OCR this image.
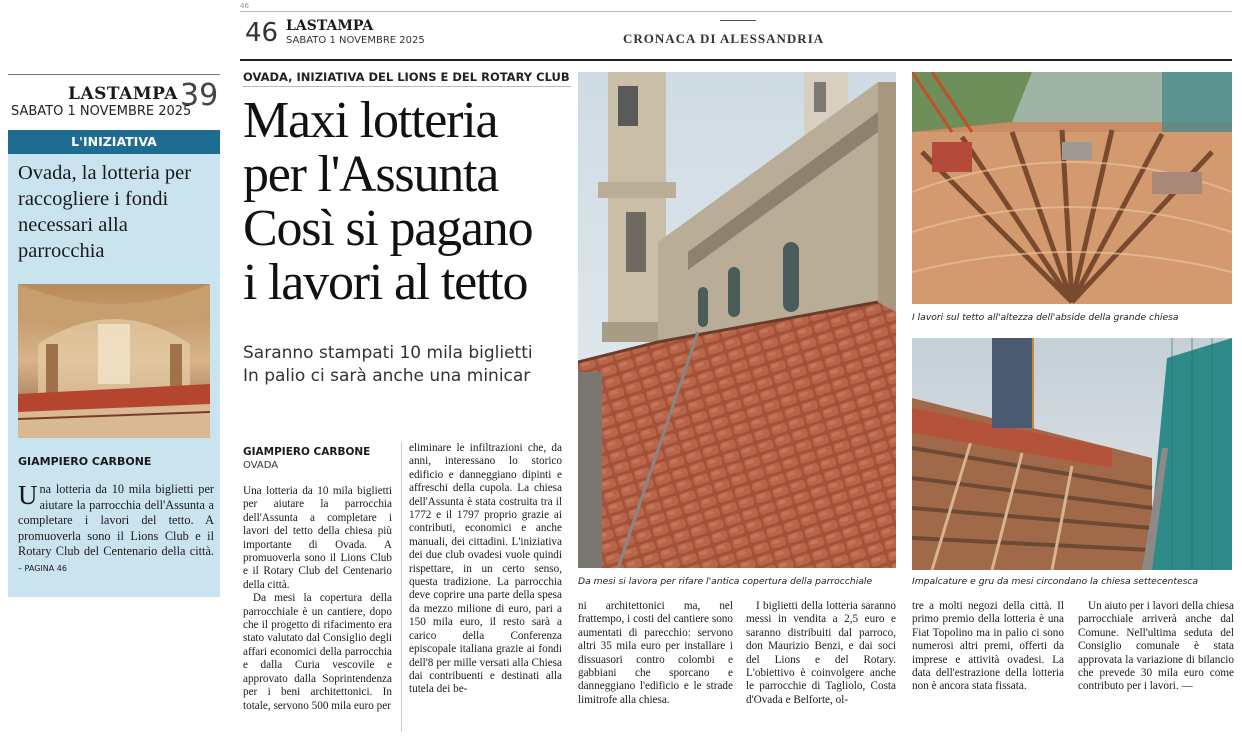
LASTAMPA 39
SABATO 1 NOVEMBRE 2025
L'INIZIATIVA
Ovada, la lotteria per raccogliere i fondi necessari alla parrocchia
GIAMPIERO CARBONE
Una lotteria da 10 mila biglietti per aiutare la parrocchia dell'Assunta a completare i lavori del tetto. A promuoverla sono il Lions Club e il Rotary Club del Centenario della città. – PAGINA 46
46
46 LASTAMPA
SABATO 1 NOVEMBRE 2025	CRONACA DI ALESSANDRIA
OVADA, INIZIATIVA DEL LIONS E DEL ROTARY CLUB
Maxi lotteria
per l'Assunta
Così si pagano
i lavori al tetto
Saranno stampati 10 mila biglietti
In palio ci sarà anche una minicar
GIAMPIERO CARBONE
OVADA

Una lotteria da 10 mila biglietti per aiutare la parrocchia dell'Assunta a completare i lavori del tetto della chiesa più importante di Ovada. A promuoverla sono il Lions Club e il Rotary Club del Centenario della città.

Da mesi la copertura della parrocchiale è un cantiere, dopo che il progetto di rifacimento era stato valutato dal Consiglio degli affari economici della parrocchia e dalla Curia vescovile e approvato dalla Soprintendenza per i beni architettonici. In totale, servono 500 mila euro per

eliminare le infiltrazioni che, da anni, interessano lo storico edificio e danneggiano dipinti e affreschi della cupola. La chiesa dell'Assunta è stata costruita tra il 1772 e il 1797 proprio grazie ai contributi, economici e anche manuali, dei cittadini. L'iniziativa dei due club ovadesi vuole quindi rispettare, in un certo senso, questa tradizione. La parrocchia deve coprire una parte della spesa da mezzo milione di euro, pari a 150 mila euro, il resto sarà a carico della Conferenza episcopale italiana grazie ai fondi dell'8 per mille versati alla Chiesa dai contribuenti e destinati alla tutela dei be-

Da mesi si lavora per rifare l'antica copertura della parrocchiale
I lavori sul tetto all'altezza dell'abside della grande chiesa
Impalcature e gru da mesi circondano la chiesa settecentesca

ni architettonici ma, nel frattempo, i costi del cantiere sono aumentati di parecchio: servono altri 35 mila euro per installare i dissuasori contro colombi e gabbiani che sporcano e danneggiano l'edificio e le strade limitrofe alla chiesa.

I biglietti della lotteria saranno messi in vendita a 2,5 euro e saranno distribuiti dal parroco, don Maurizio Benzi, e dai soci del Lions e del Rotary. L'obiettivo è coinvolgere anche le parrocchie di Tagliolo, Costa d'Ovada e Belforte, ol-

tre a molti negozi della città. Il primo premio della lotteria è una Fiat Topolino ma in palio ci sono numerosi altri premi, offerti da imprese e attività ovadesi. La data dell'estrazione della lotteria non è ancora stata fissata.

Un aiuto per i lavori della chiesa parrocchiale arriverà anche dal Comune. Nell'ultima seduta del Consiglio comunale è stata approvata la variazione di bilancio che prevede 30 mila euro come contributo per i lavori. —
